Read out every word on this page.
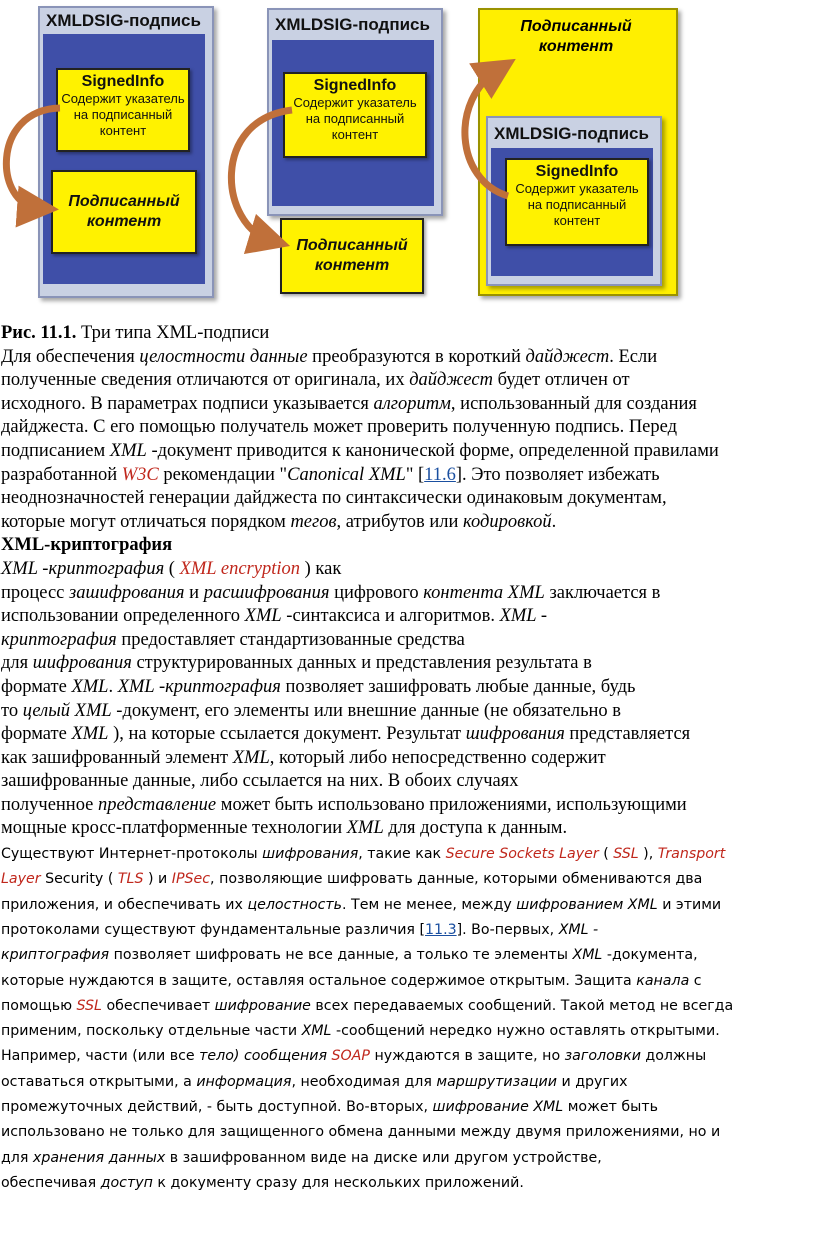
XMLDSIG-подпись
SignedInfo
Содержит указатель
на подписанный
контент
Подписанный
контент
XMLDSIG-подпись
SignedInfo
Содержит указатель
на подписанный
контент
Подписанный
контент
Подписанный
контент
XMLDSIG-подпись
SignedInfo
Содержит указатель
на подписанный
контент

Рис. 11.1. Три типа XML-подписи

Для обеспечения целостности данные преобразуются в короткий дайджест. Если

полученные сведения отличаются от оригинала, их дайджест будет отличен от

исходного. В параметрах подписи указывается алгоритм, использованный для создания

дайджеста. С его помощью получатель может проверить полученную подпись. Перед

подписанием XML -документ приводится к канонической форме, определенной правилами

разработанной W3C рекомендации "Canonical XML" [11.6]. Это позволяет избежать

неоднозначностей генерации дайджеста по синтаксически одинаковым документам,

которые могут отличаться порядком тегов, атрибутов или кодировкой.

XML-криптография

XML -криптография ( XML encryption ) как

процесс зашифрования и расшифрования цифрового контента XML заключается в

использовании определенного XML -синтаксиса и алгоритмов. XML -

криптография предоставляет стандартизованные средства

для шифрования структурированных данных и представления результата в

формате XML. XML -криптография позволяет зашифровать любые данные, будь

то целый XML -документ, его элементы или внешние данные (не обязательно в

формате XML ), на которые ссылается документ. Результат шифрования представляется

как зашифрованный элемент XML, который либо непосредственно содержит

зашифрованные данные, либо ссылается на них. В обоих случаях

полученное представление может быть использовано приложениями, использующими

мощные кросс-платформенные технологии XML для доступа к данным.

Существуют Интернет-протоколы шифрования, такие как Secure Sockets Layer ( SSL ), Transport

Layer Security ( TLS ) и IPSec, позволяющие шифровать данные, которыми обмениваются два

приложения, и обеспечивать их целостность. Тем не менее, между шифрованием XML и этими

протоколами существуют фундаментальные различия [11.3]. Во-первых, XML -

криптография позволяет шифровать не все данные, а только те элементы XML -документа,

которые нуждаются в защите, оставляя остальное содержимое открытым. Защита канала с

помощью SSL обеспечивает шифрование всех передаваемых сообщений. Такой метод не всегда

применим, поскольку отдельные части XML -сообщений нередко нужно оставлять открытыми.

Например, части (или все тело) сообщения SOAP нуждаются в защите, но заголовки должны

оставаться открытыми, а информация, необходимая для маршрутизации и других

промежуточных действий, - быть доступной. Во-вторых, шифрование XML может быть

использовано не только для защищенного обмена данными между двумя приложениями, но и

для хранения данных в зашифрованном виде на диске или другом устройстве,

обеспечивая доступ к документу сразу для нескольких приложений.
